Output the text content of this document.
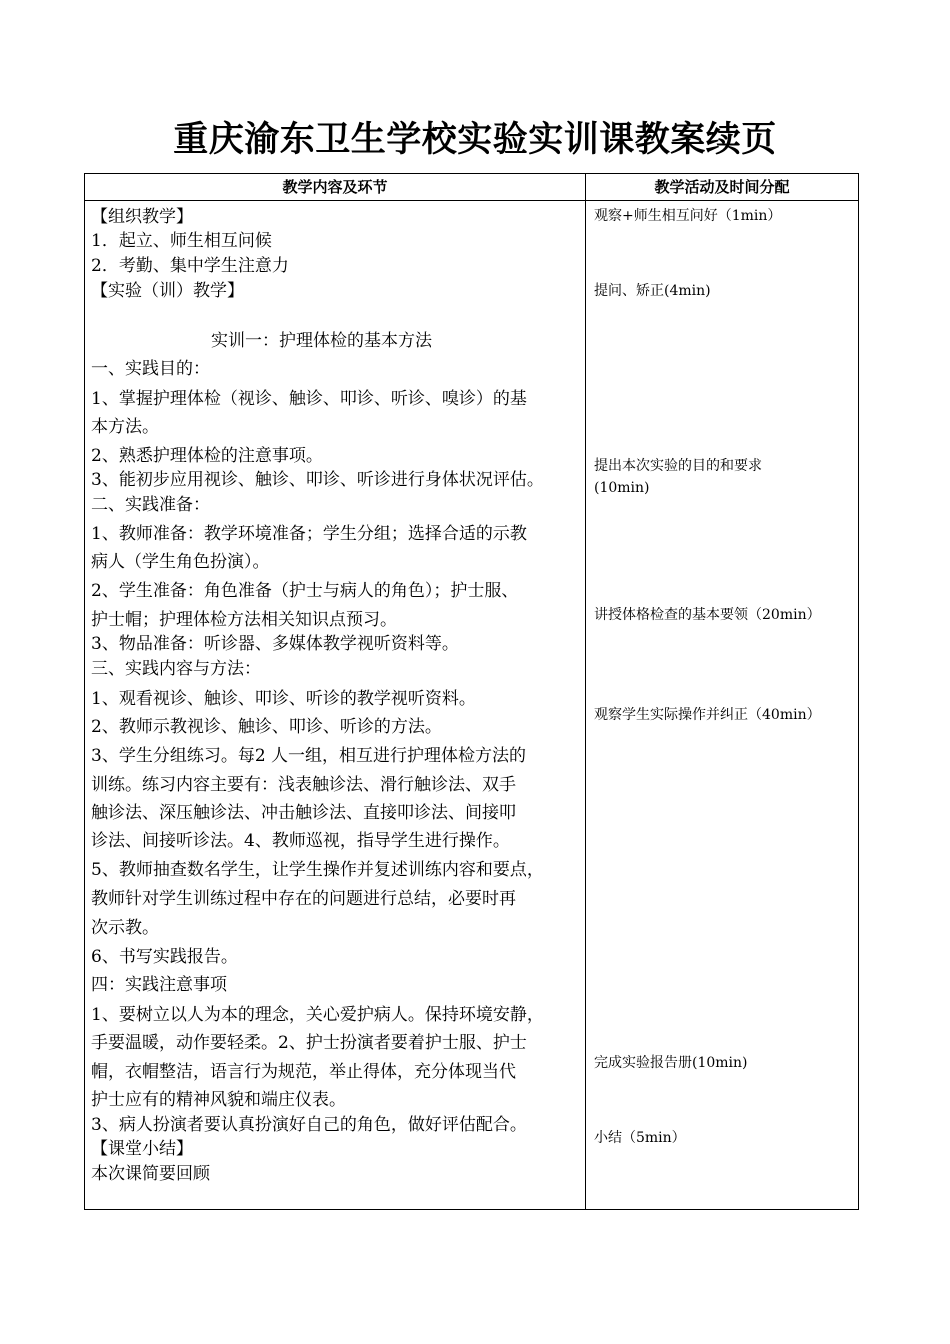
重庆渝东卫生学校实验实训课教案续页
教学内容及环节	教学活动及时间分配
【组织教学】
1．起立、师生相互问候
2．考勤、集中学生注意力
【实验（训）教学】
实训一：护理体检的基本方法
一、实践目的：
1、掌握护理体检（视诊、触诊、叩诊、听诊、嗅诊）的基
本方法。
2、熟悉护理体检的注意事项。
3、能初步应用视诊、触诊、叩诊、听诊进行身体状况评估。
二、实践准备：
1、教师准备：教学环境准备；学生分组；选择合适的示教
病人（学生角色扮演）。
2、学生准备：角色准备（护士与病人的角色）；护士服、
护士帽；护理体检方法相关知识点预习。
3、物品准备：听诊器、多媒体教学视听资料等。
三、实践内容与方法：
1、观看视诊、触诊、叩诊、听诊的教学视听资料。
2、教师示教视诊、触诊、叩诊、听诊的方法。
3、学生分组练习。每2 人一组，相互进行护理体检方法的
训练。练习内容主要有：浅表触诊法、滑行触诊法、双手
触诊法、深压触诊法、冲击触诊法、直接叩诊法、间接叩
诊法、间接听诊法。4、教师巡视，指导学生进行操作。
5、教师抽查数名学生，让学生操作并复述训练内容和要点，
教师针对学生训练过程中存在的问题进行总结，必要时再
次示教。
6、书写实践报告。
四：实践注意事项
1、要树立以人为本的理念，关心爱护病人。保持环境安静，
手要温暖，动作要轻柔。2、护士扮演者要着护士服、护士
帽，衣帽整洁，语言行为规范，举止得体，充分体现当代
护士应有的精神风貌和端庄仪表。
3、病人扮演者要认真扮演好自己的角色，做好评估配合。
【课堂小结】
本次课简要回顾
观察+师生相互问好（1min）
提问、矫正(4min)
提出本次实验的目的和要求
(10min)
讲授体格检查的基本要领（20min）
观察学生实际操作并纠正（40min）
完成实验报告册(10min)
小结（5min）
